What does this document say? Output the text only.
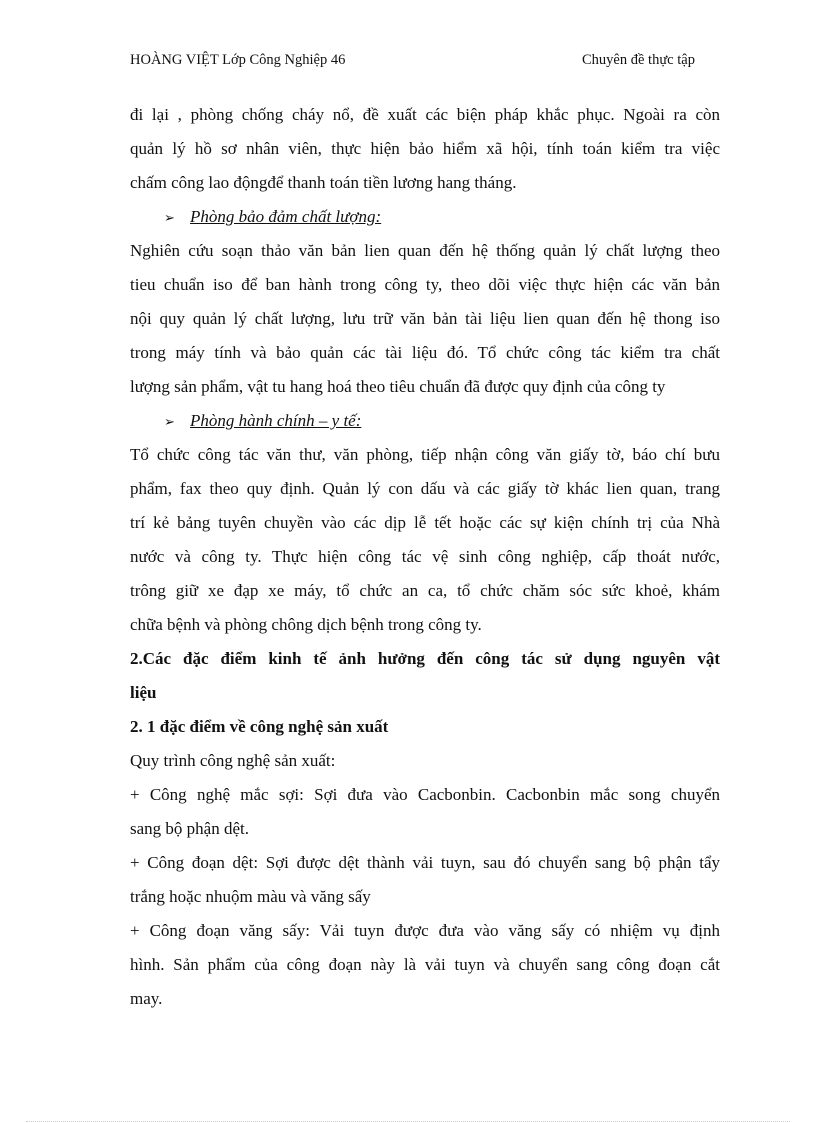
HOÀNG VIỆT Lớp Công Nghiệp 46	Chuyên đề thực tập
đi lại , phòng chống cháy nổ, đề xuất các biện pháp khắc phục. Ngoài ra còn
quản lý hồ sơ nhân viên, thực hiện bảo hiểm xã hội, tính toán kiểm tra việc
chấm công lao độngđể thanh toán tiền lương hang tháng.
➢ Phòng bảo đảm chất lượng:
Nghiên cứu soạn thảo văn bản lien quan đến hệ thống quản lý chất lượng theo
tieu chuẩn iso để ban hành trong công ty, theo dõi việc thực hiện các văn bản
nội quy quản lý chất lượng, lưu trữ văn bản tài liệu lien quan đến hệ thong iso
trong máy tính và bảo quản các tài liệu đó. Tổ chức công tác kiểm tra chất
lượng sản phẩm, vật tu hang hoá theo tiêu chuẩn đã được quy định của công ty
➢ Phòng hành chính – y tế:
Tổ chức công tác văn thư, văn phòng, tiếp nhận công văn giấy tờ, báo chí bưu
phẩm, fax theo quy định. Quản lý con dấu và các giấy tờ khác lien quan, trang
trí kẻ bảng tuyên chuyền vào các dịp lễ tết hoặc các sự kiện chính trị của Nhà
nước và công ty. Thực hiện công tác vệ sinh công nghiệp, cấp thoát nước,
trông giữ xe đạp xe máy, tổ chức an ca, tổ chức chăm sóc sức khoẻ, khám
chữa bệnh và phòng chông dịch bệnh trong công ty.
2.Các đặc điểm kinh tế ảnh hưởng đến công tác sử dụng nguyên vật
liệu
2. 1 đặc điểm về công nghệ sản xuất
Quy trình công nghệ sản xuất:
+ Công nghệ mắc sợi: Sợi đưa vào Cacbonbin. Cacbonbin mắc song chuyển
sang bộ phận dệt.
+ Công đoạn dệt: Sợi được dệt thành vải tuyn, sau đó chuyển sang bộ phận tẩy
trắng hoặc nhuộm màu và văng sấy
+ Công đoạn văng sấy: Vải tuyn được đưa vào văng sấy có nhiệm vụ định
hình. Sản phẩm của công đoạn này là vải tuyn và chuyển sang công đoạn cắt
may.
